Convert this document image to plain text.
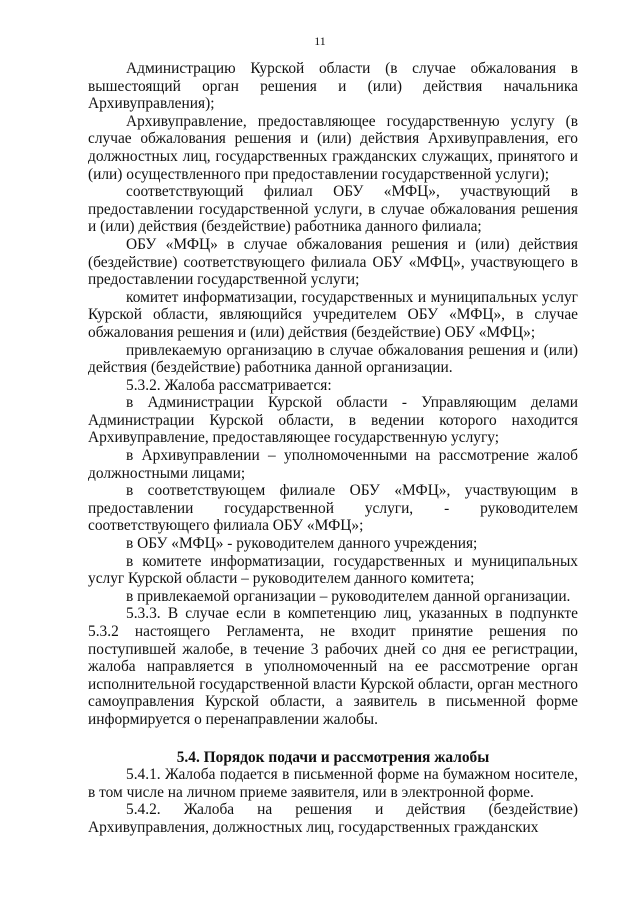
11

Администрацию Курской области (в случае обжалования в вышестоящий орган решения и (или) действия начальника Архивуправления);

Архивуправление, предоставляющее государственную услугу (в случае обжалования решения и (или) действия Архивуправления, его должностных лиц, государственных гражданских служащих, принятого и (или) осуществленного при предоставлении государственной услуги);

соответствующий филиал ОБУ «МФЦ», участвующий в предоставлении государственной услуги, в случае обжалования решения и (или) действия (бездействие) работника данного филиала;

ОБУ «МФЦ» в случае обжалования решения и (или) действия (бездействие) соответствующего филиала ОБУ «МФЦ», участвующего в предоставлении государственной услуги;

комитет информатизации, государственных и муниципальных услуг Курской области, являющийся учредителем ОБУ «МФЦ», в случае обжалования решения и (или) действия (бездействие) ОБУ «МФЦ»;

привлекаемую организацию в случае обжалования решения и (или) действия (бездействие) работника данной организации.

5.3.2. Жалоба рассматривается:

в Администрации Курской области - Управляющим делами Администрации Курской области, в ведении которого находится Архивуправление, предоставляющее государственную услугу;

в Архивуправлении – уполномоченными на рассмотрение жалоб должностными лицами;

в соответствующем филиале ОБУ «МФЦ», участвующим в предоставлении государственной услуги, - руководителем соответствующего филиала ОБУ «МФЦ»;

в ОБУ «МФЦ» - руководителем данного учреждения;

в комитете информатизации, государственных и муниципальных услуг Курской области – руководителем данного комитета;

в привлекаемой организации – руководителем данной организации.

5.3.3. В случае если в компетенцию лиц, указанных в подпункте 5.3.2 настоящего Регламента, не входит принятие решения по поступившей жалобе, в течение 3 рабочих дней со дня ее регистрации, жалоба направляется в уполномоченный на ее рассмотрение орган исполнительной государственной власти Курской области, орган местного самоуправления Курской области, а заявитель в письменной форме информируется о перенаправлении жалобы.

5.4. Порядок подачи и рассмотрения жалобы

5.4.1. Жалоба подается в письменной форме на бумажном носителе, в том числе на личном приеме заявителя, или в электронной форме.

5.4.2. Жалоба на решения и действия (бездействие) Архивуправления, должностных лиц, государственных гражданских
